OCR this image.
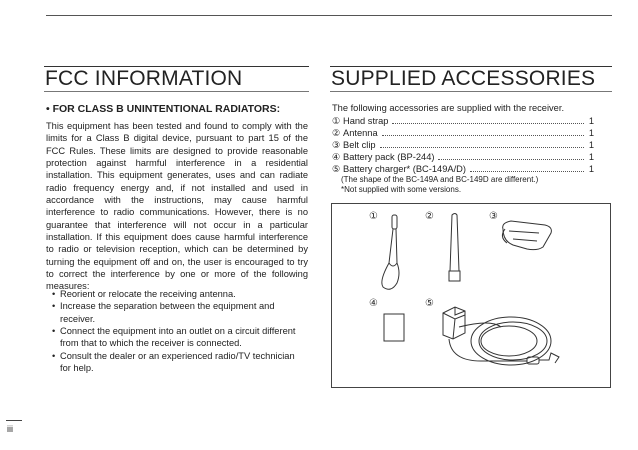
FCC INFORMATION	SUPPLIED ACCESSORIES

• FOR CLASS B UNINTENTIONAL RADIATORS:

This equipment has been tested and found to comply with the limits for a Class B digital device, pursuant to part 15 of the FCC Rules. These limits are designed to provide reasonable protection against harmful interference in a residential installation. This equipment generates, uses and can radiate radio frequency energy and, if not installed and used in accordance with the instructions, may cause harmful interference to radio communications. However, there is no guarantee that interference will not occur in a particular installation. If this equipment does cause harmful interference to radio or television reception, which can be determined by turning the equipment off and on, the user is encouraged to try to correct the interference by one or more of the following measures:

• Reorient or relocate the receiving antenna.
• Increase the separation between the equipment and receiver.
• Connect the equipment into an outlet on a circuit different from that to which the receiver is connected.
• Consult the dealer or an experienced radio/TV technician for help.

The following accessories are supplied with the receiver.

① Hand strap	1
② Antenna	1
③ Belt clip	1
④ Battery pack (BP-244)	1
⑤ Battery charger* (BC-149A/D)	1

(The shape of the BC-149A and BC-149D are different.)

*Not supplied with some versions.

①	②	③
④	⑤

iii
